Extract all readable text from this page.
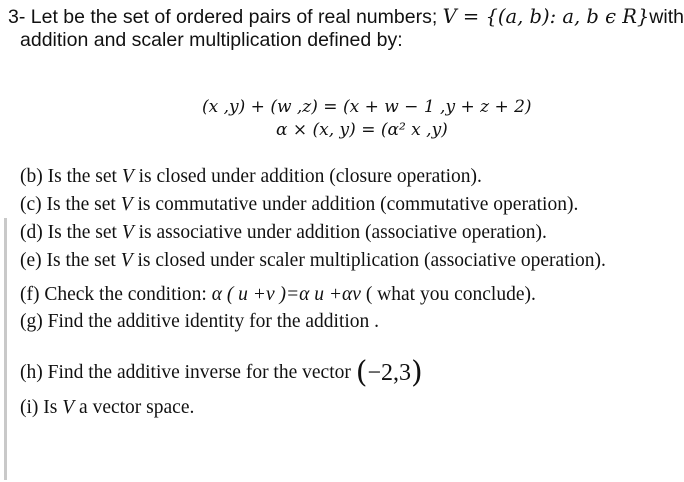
3- Let be the set of ordered pairs of real numbers; V = {(a, b): a, b ϵ R}with
addition and scaler multiplication defined by:
(x ,y) + (w ,z) = (x + w − 1 ,y + z + 2)
α × (x, y) = (α² x ,y)
(b) Is the set V is closed under addition (closure operation).
(c) Is the set V is commutative under addition (commutative operation).
(d) Is the set V is associative under addition (associative operation).
(e) Is the set V is closed under scaler multiplication (associative operation).
(f) Check the condition: α ( u +v )=α u +αv ( what you conclude).
(g) Find the additive identity for the addition .
(h) Find the additive inverse for the vector (−2,3)
(i) Is V a vector space.
